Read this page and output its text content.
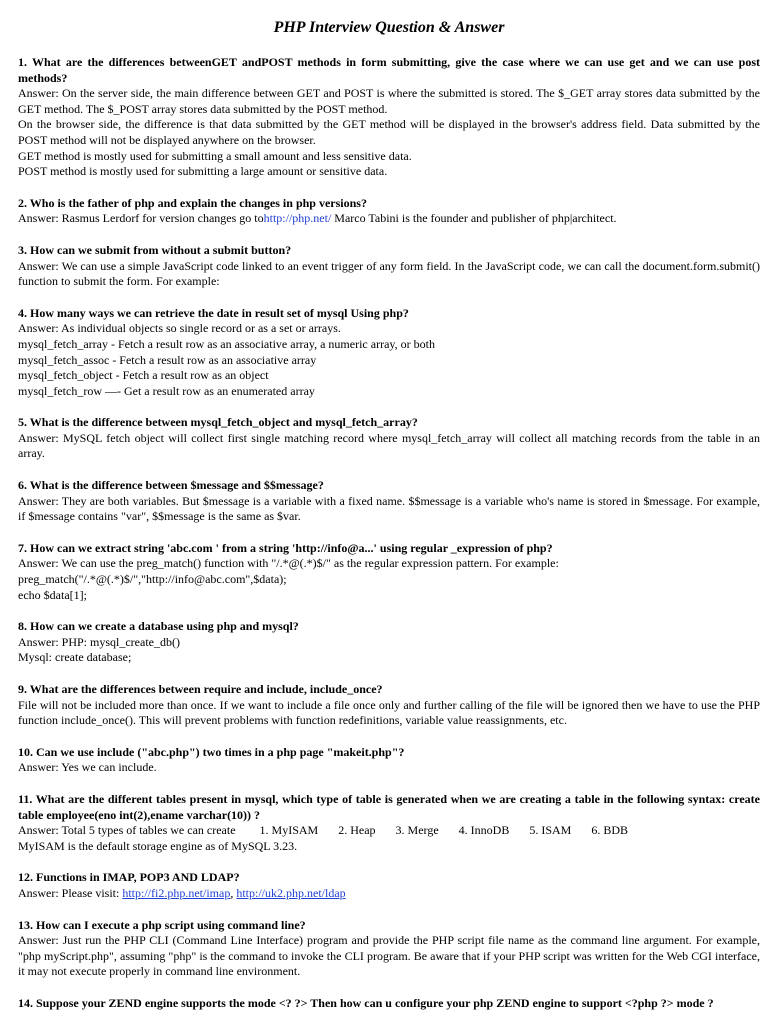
PHP Interview Question & Answer
1. What are the differences betweenGET andPOST methods in form submitting, give the case where we can use get and we can use post methods?
Answer: On the server side, the main difference between GET and POST is where the submitted is stored. The $_GET array stores data submitted by the GET method. The $_POST array stores data submitted by the POST method.
On the browser side, the difference is that data submitted by the GET method will be displayed in the browser's address field. Data submitted by the POST method will not be displayed anywhere on the browser.
GET method is mostly used for submitting a small amount and less sensitive data.
POST method is mostly used for submitting a large amount or sensitive data.
2. Who is the father of php and explain the changes in php versions?
Answer: Rasmus Lerdorf for version changes go tohttp://php.net/ Marco Tabini is the founder and publisher of php|architect.
3. How can we submit from without a submit button?
Answer: We can use a simple JavaScript code linked to an event trigger of any form field. In the JavaScript code, we can call the document.form.submit() function to submit the form. For example:
4. How many ways we can retrieve the date in result set of mysql Using php?
Answer: As individual objects so single record or as a set or arrays.
mysql_fetch_array - Fetch a result row as an associative array, a numeric array, or both
mysql_fetch_assoc - Fetch a result row as an associative array
mysql_fetch_object - Fetch a result row as an object
mysql_fetch_row —- Get a result row as an enumerated array
5. What is the difference between mysql_fetch_object and mysql_fetch_array?
Answer: MySQL fetch object will collect first single matching record where mysql_fetch_array will collect all matching records from the table in an array.
6. What is the difference between $message and $$message?
Answer: They are both variables. But $message is a variable with a fixed name. $$message is a variable who's name is stored in $message. For example, if $message contains "var", $$message is the same as $var.
7. How can we extract string 'abc.com ' from a string 'http://info@a...' using regular _expression of php?
Answer: We can use the preg_match() function with "/.*@(.*)$/" as the regular expression pattern. For example:
preg_match("/.*@(.*)$/","http://info@abc.com",$data);
echo $data[1];
8. How can we create a database using php and mysql?
Answer: PHP: mysql_create_db()
Mysql: create database;
9. What are the differences between require and include, include_once?
File will not be included more than once. If we want to include a file once only and further calling of the file will be ignored then we have to use the PHP function include_once(). This will prevent problems with function redefinitions, variable value reassignments, etc.
10. Can we use include ("abc.php") two times in a php page "makeit.php"?
Answer: Yes we can include.
11. What are the different tables present in mysql, which type of table is generated when we are creating a table in the following syntax: create table employee(eno int(2),ename varchar(10)) ?
Answer: Total 5 types of tables we can create 1. MyISAM 2. Heap 3. Merge 4. InnoDB 5. ISAM 6. BDB
MyISAM is the default storage engine as of MySQL 3.23.
12. Functions in IMAP, POP3 AND LDAP?
Answer: Please visit: http://fi2.php.net/imap, http://uk2.php.net/ldap
13. How can I execute a php script using command line?
Answer: Just run the PHP CLI (Command Line Interface) program and provide the PHP script file name as the command line argument. For example, "php myScript.php", assuming "php" is the command to invoke the CLI program. Be aware that if your PHP script was written for the Web CGI interface, it may not execute properly in command line environment.
14. Suppose your ZEND engine supports the mode <? ?> Then how can u configure your php ZEND engine to support <?php ?> mode ?
